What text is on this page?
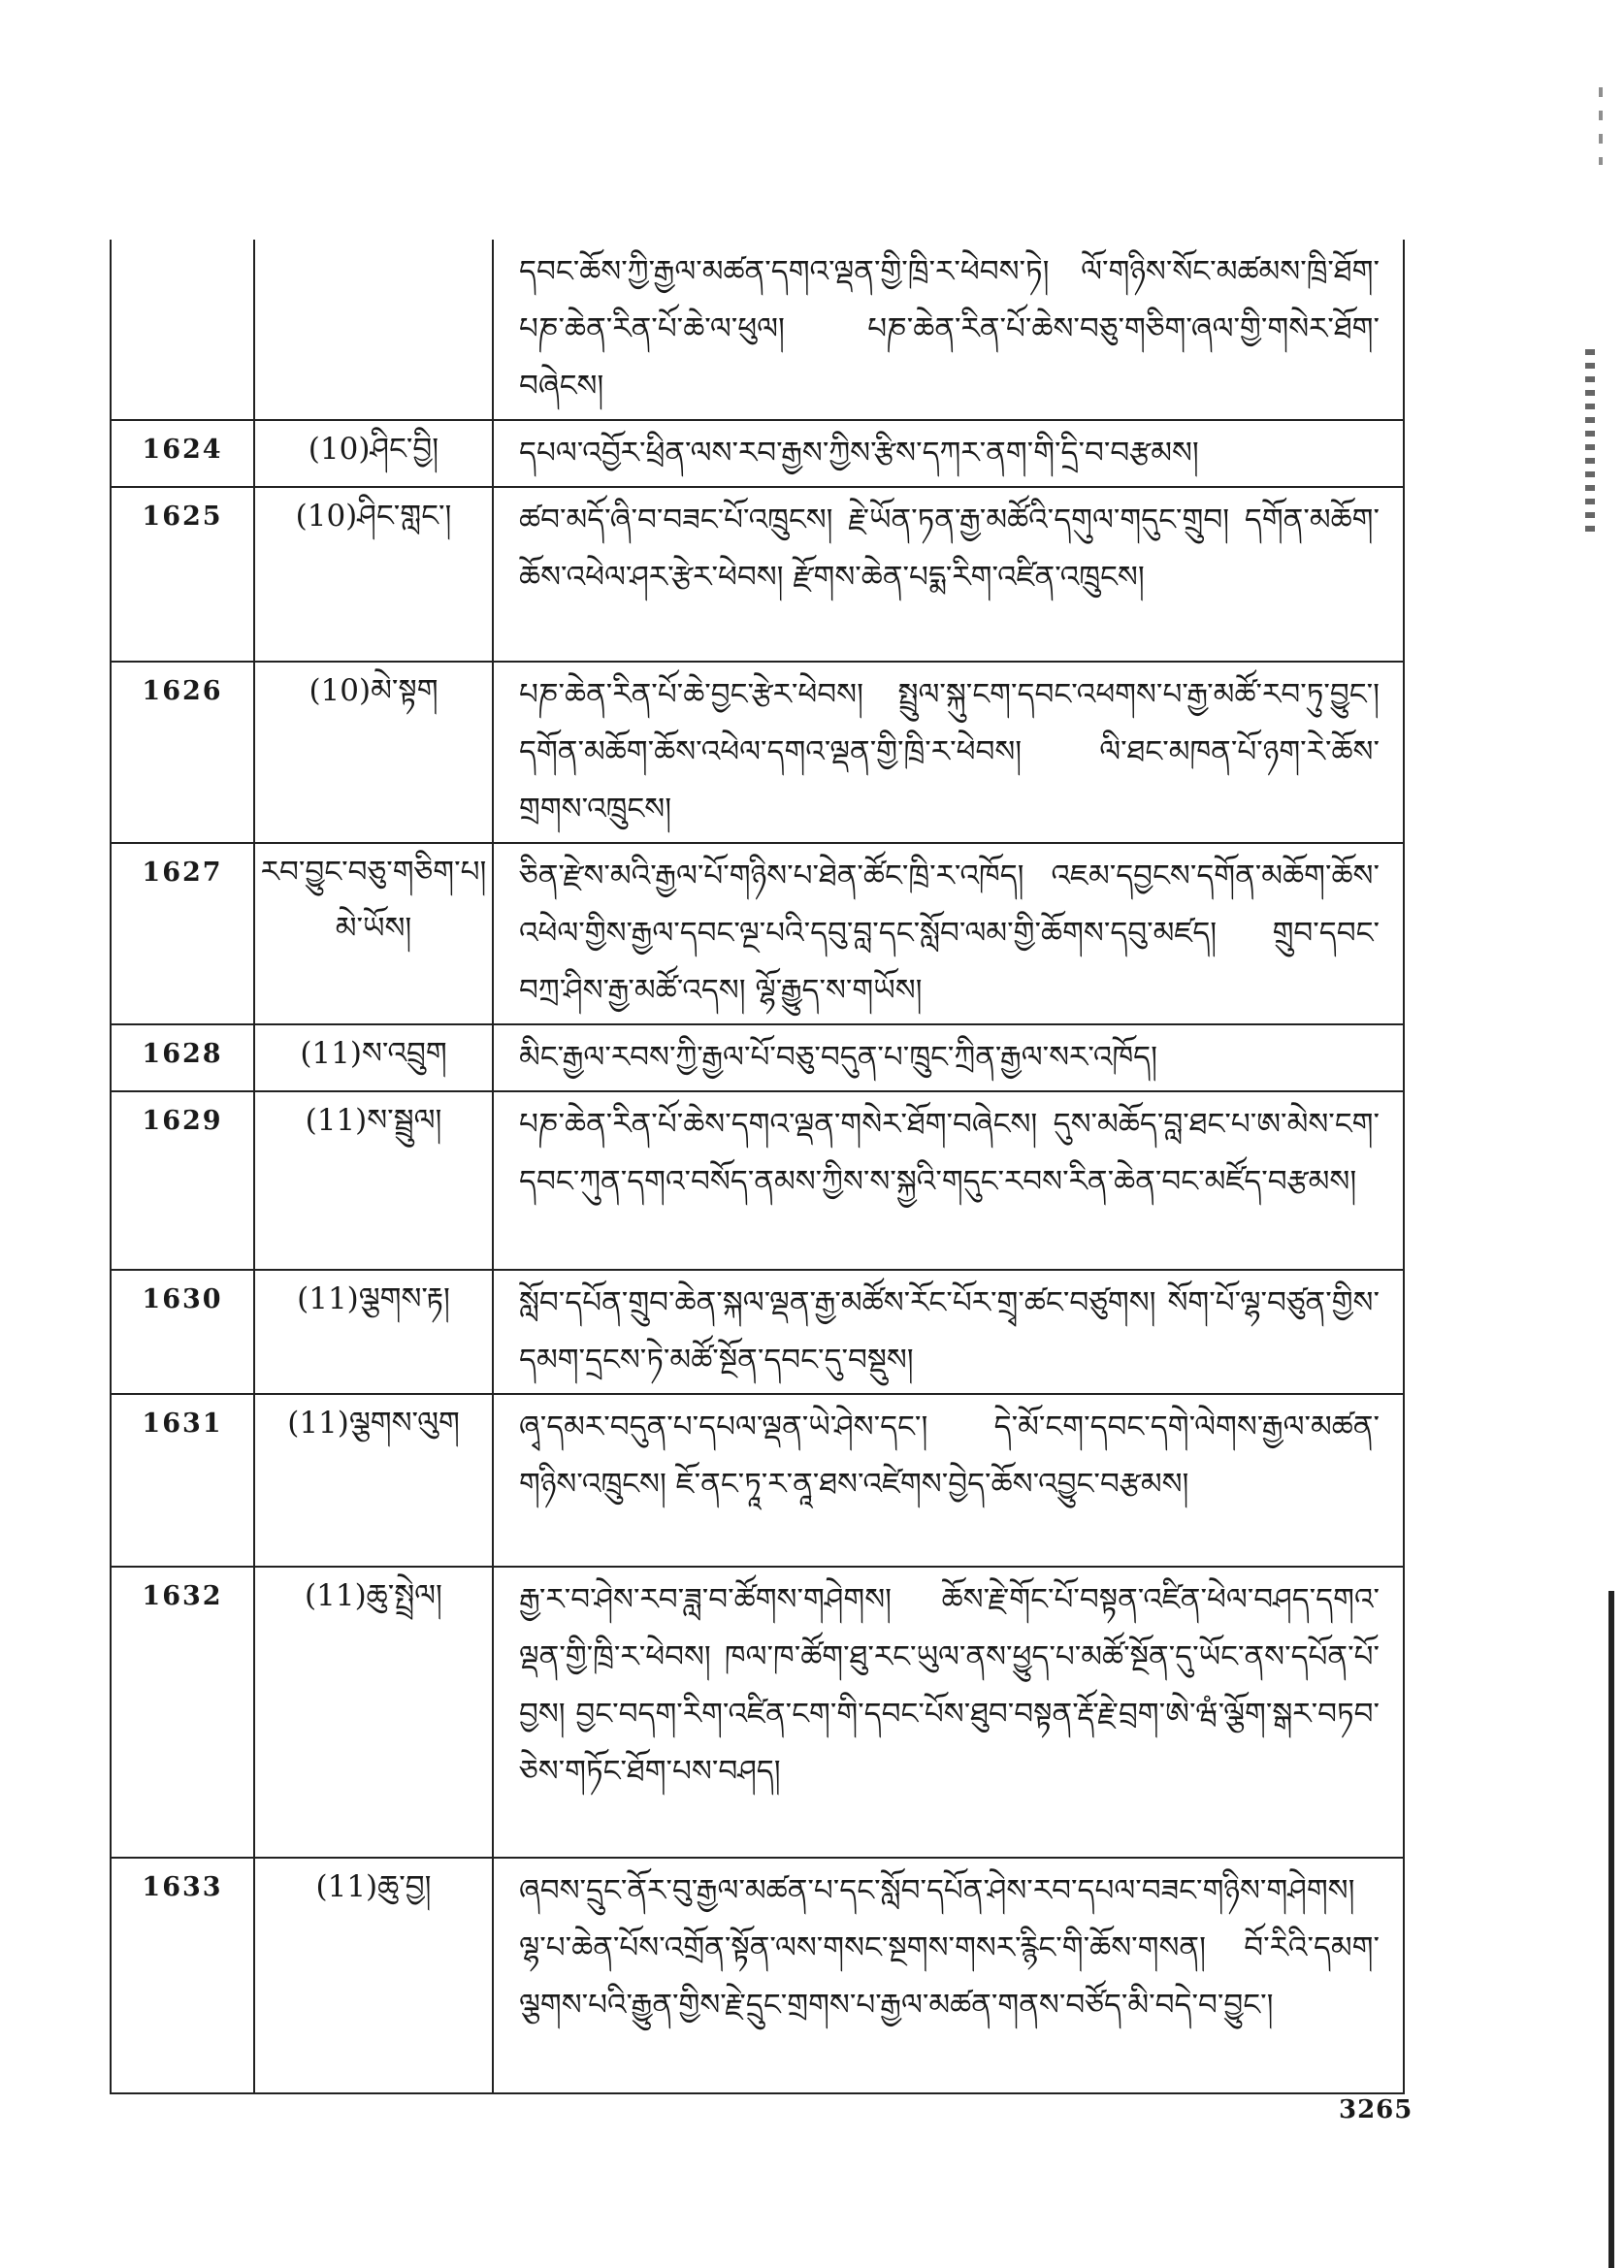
		དབང་ཆོས་ཀྱི་རྒྱལ་མཚན་དགའ་ལྡན་གྱི་ཁྲི་ར་ཕེབས་ཏེ། ལོ་གཉིས་སོང་མཚམས་ཁྲི་ཐོག་པཎ་ཆེན་རིན་པོ་ཆེ་ལ་ཕུལ། པཎ་ཆེན་རིན་པོ་ཆེས་བཅུ་གཅིག་ཞལ་གྱི་གསེར་ཐོག་བཞེངས།
1624	(10)ཤིང་བྱི།	དཔལ་འབྱོར་ཕྲིན་ལས་རབ་རྒྱས་ཀྱིས་རྩིས་དཀར་ནག་གི་དྲི་བ་བརྩམས།
1625	(10)ཤིང་གླང་།	ཚབ་མདོ་ཞི་བ་བཟང་པོ་འཁྲུངས། རྗེ་ཡོན་ཏན་རྒྱ་མཚོའི་དགུལ་གདུང་གྲུབ། དགོན་མཆོག་ཆོས་འཕེལ་ཤར་རྩེར་ཕེབས། རྫོགས་ཆེན་པདྨ་རིག་འཛིན་འཁྲུངས།
1626	(10)མེ་སྟག	པཎ་ཆེན་རིན་པོ་ཆེ་བྱང་རྩེར་ཕེབས། སྤྲུལ་སྐུ་ངག་དབང་འཕགས་པ་རྒྱ་མཚོ་རབ་ཏུ་བྱུང་། དགོན་མཆོག་ཆོས་འཕེལ་དགའ་ལྡན་གྱི་ཁྲི་ར་ཕེབས། ལི་ཐང་མཁན་པོ་ཉག་རེ་ཆོས་གྲགས་འཁྲུངས།
1627	རབ་བྱུང་བཅུ་གཅིག་པ། མེ་ཡོས།	ཅིན་རྫེས་མའི་རྒྱལ་པོ་གཉིས་པ་ཐེན་ཚོང་ཁྲི་ར་འཁོད། འཇམ་དབྱངས་དགོན་མཆོག་ཆོས་འཕེལ་གྱིས་རྒྱལ་དབང་ལྔ་པའི་དབུ་བླ་དང་སློབ་ལམ་གྱི་ཆོགས་དབུ་མཛད། གྲུབ་དབང་བཀྲ་ཤིས་རྒྱ་མཚོ་འདས། ལྷོ་རྒྱུད་ས་གཡོས།
1628	(11)ས་འབྲུག	མིང་རྒྱལ་རབས་ཀྱི་རྒྱལ་པོ་བཅུ་བདུན་པ་ཁྲུང་ཀྲིན་རྒྱལ་སར་འཁོད།
1629	(11)ས་སྦྲུལ།	པཎ་ཆེན་རིན་པོ་ཆེས་དགའ་ལྡན་གསེར་ཐོག་བཞེངས། དུས་མཆོད་བླ་ཐང་པ་ཨ་མེས་ངག་དབང་ཀུན་དགའ་བསོད་ནམས་ཀྱིས་ས་སྐྱའི་གདུང་རབས་རིན་ཆེན་བང་མཛོད་བརྩམས།
1630	(11)ལྕགས་རྟ།	སློབ་དཔོན་གྲུབ་ཆེན་སྐལ་ལྡན་རྒྱ་མཚོས་རོང་པོར་གྲྭ་ཚང་བཙུགས། སོག་པོ་ལྷ་བཙུན་གྱིས་དམག་དྲངས་ཏེ་མཚོ་སྔོན་དབང་དུ་བསྡུས།
1631	(11)ལྕགས་ལུག	ཞྭ་དམར་བདུན་པ་དཔལ་ལྡན་ཡེ་ཤེས་དང་། དེ་མོ་ངག་དབང་དགེ་ལེགས་རྒྱལ་མཚན་གཉིས་འཁྲུངས། ཇོ་ནང་ཏཱ་ར་ནཱ་ཐས་འཛེགས་བྱེད་ཆོས་འབྱུང་བརྩམས།
1632	(11)ཆུ་སྤྲེལ།	རྒྱ་ར་བ་ཤེས་རབ་ཟླ་བ་ཚོགས་གཤེགས། ཆོས་རྗེ་གོང་པོ་བསྟན་འཛིན་ཕེལ་བཤད་དགའ་ལྡན་གྱི་ཁྲི་ར་ཕེབས། ཁལ་ཁ་ཚོག་ཐུ་རང་ཡུལ་ནས་ཕྱུད་པ་མཚོ་སྔོན་དུ་ཡོང་ནས་དཔོན་པོ་བྱས། བྱང་བདག་རིག་འཛིན་ངག་གི་དབང་པོས་ཐུབ་བསྟན་རྡོ་རྗེ་བྲག་ཨེ་ཝཾ་ལྕོག་སྒར་བཏབ་ཅེས་གཏོང་ཐོག་པས་བཤད།
1633	(11)ཆུ་བྱ།	ཞབས་དྲུང་ནོར་བུ་རྒྱལ་མཚན་པ་དང་སློབ་དཔོན་ཤེས་རབ་དཔལ་བཟང་གཉིས་གཤེགས། ལྷ་པ་ཆེན་པོས་འགྲོན་སྟོན་ལས་གསང་སྔགས་གསར་རྙིང་གི་ཆོས་གསན། བོ་རིའི་དམག་ལྕགས་པའི་རྒྱུན་གྱིས་རྗེ་དྲུང་གྲགས་པ་རྒྱལ་མཚན་གནས་བཙོད་མི་བདེ་བ་བྱུང་།
3265
